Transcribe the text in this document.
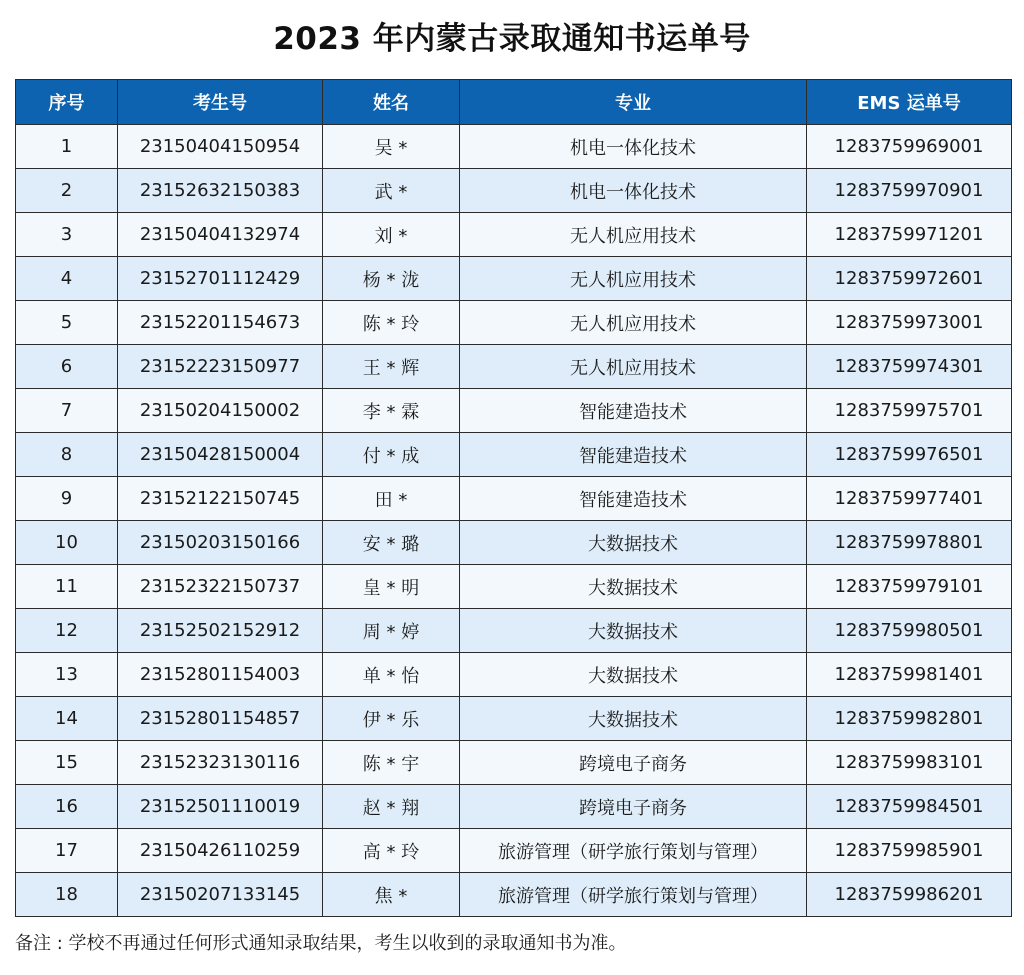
2023 年内蒙古录取通知书运单号
序号	考生号	姓名	专业	EMS 运单号
1	23150404150954	吴 *	机电一体化技术	1283759969001
2	23152632150383	武 *	机电一体化技术	1283759970901
3	23150404132974	刘 *	无人机应用技术	1283759971201
4	23152701112429	杨 * 泷	无人机应用技术	1283759972601
5	23152201154673	陈 * 玲	无人机应用技术	1283759973001
6	23152223150977	王 * 辉	无人机应用技术	1283759974301
7	23150204150002	李 * 霖	智能建造技术	1283759975701
8	23150428150004	付 * 成	智能建造技术	1283759976501
9	23152122150745	田 *	智能建造技术	1283759977401
10	23150203150166	安 * 璐	大数据技术	1283759978801
11	23152322150737	皇 * 明	大数据技术	1283759979101
12	23152502152912	周 * 婷	大数据技术	1283759980501
13	23152801154003	单 * 怡	大数据技术	1283759981401
14	23152801154857	伊 * 乐	大数据技术	1283759982801
15	23152323130116	陈 * 宇	跨境电子商务	1283759983101
16	23152501110019	赵 * 翔	跨境电子商务	1283759984501
17	23150426110259	高 * 玲	旅游管理（研学旅行策划与管理）	1283759985901
18	23150207133145	焦 *	旅游管理（研学旅行策划与管理）	1283759986201
备注 : 学校不再通过任何形式通知录取结果，考生以收到的录取通知书为准。
